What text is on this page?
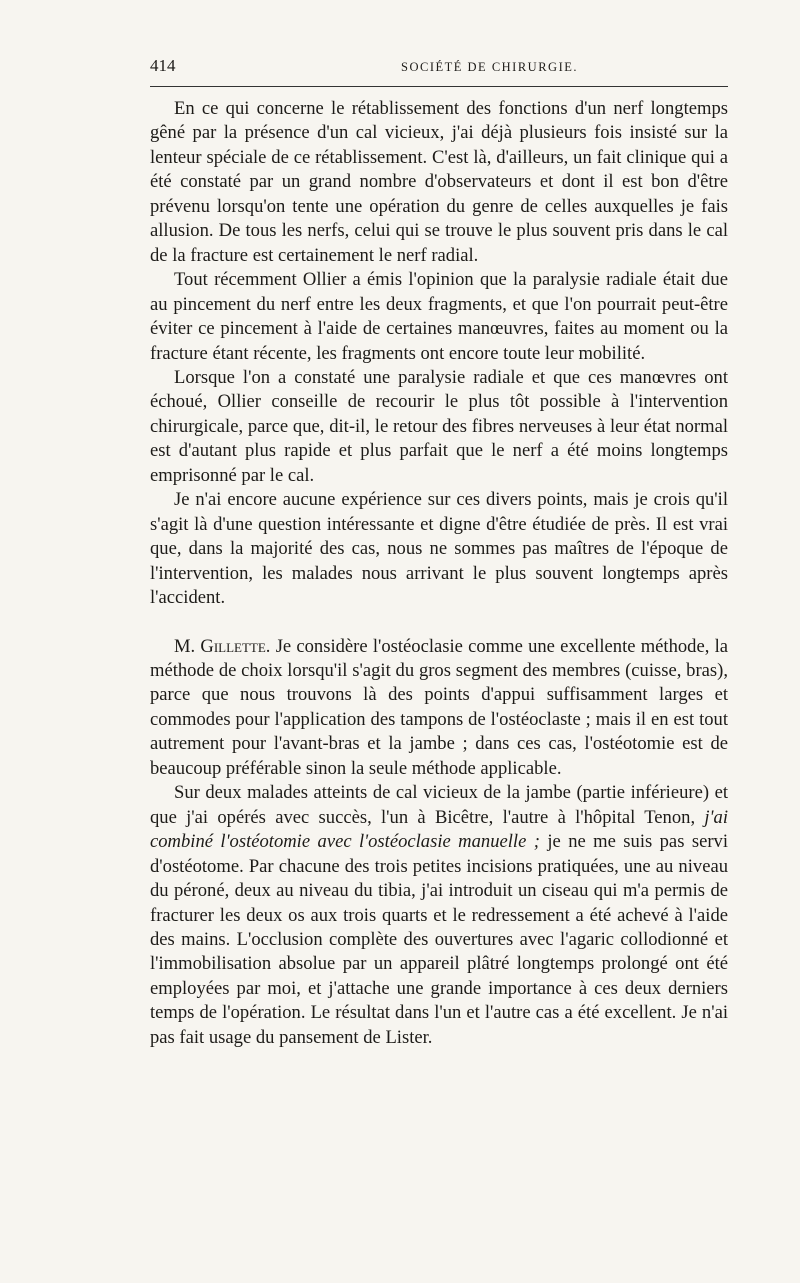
414	SOCIÉTÉ DE CHIRURGIE.

En ce qui concerne le rétablissement des fonctions d'un nerf longtemps gêné par la présence d'un cal vicieux, j'ai déjà plusieurs fois insisté sur la lenteur spéciale de ce rétablissement. C'est là, d'ailleurs, un fait clinique qui a été constaté par un grand nombre d'observateurs et dont il est bon d'être prévenu lorsqu'on tente une opération du genre de celles auxquelles je fais allusion. De tous les nerfs, celui qui se trouve le plus souvent pris dans le cal de la fracture est certainement le nerf radial.

Tout récemment Ollier a émis l'opinion que la paralysie radiale était due au pincement du nerf entre les deux fragments, et que l'on pourrait peut-être éviter ce pincement à l'aide de certaines manœuvres, faites au moment ou la fracture étant récente, les fragments ont encore toute leur mobilité.

Lorsque l'on a constaté une paralysie radiale et que ces manœvres ont échoué, Ollier conseille de recourir le plus tôt possible à l'intervention chirurgicale, parce que, dit-il, le retour des fibres nerveuses à leur état normal est d'autant plus rapide et plus parfait que le nerf a été moins longtemps emprisonné par le cal.

Je n'ai encore aucune expérience sur ces divers points, mais je crois qu'il s'agit là d'une question intéressante et digne d'être étudiée de près. Il est vrai que, dans la majorité des cas, nous ne sommes pas maîtres de l'époque de l'intervention, les malades nous arrivant le plus souvent longtemps après l'accident.

M. Gillette. Je considère l'ostéoclasie comme une excellente méthode, la méthode de choix lorsqu'il s'agit du gros segment des membres (cuisse, bras), parce que nous trouvons là des points d'appui suffisamment larges et commodes pour l'application des tampons de l'ostéoclaste ; mais il en est tout autrement pour l'avant-bras et la jambe ; dans ces cas, l'ostéotomie est de beaucoup préférable sinon la seule méthode applicable.

Sur deux malades atteints de cal vicieux de la jambe (partie inférieure) et que j'ai opérés avec succès, l'un à Bicêtre, l'autre à l'hôpital Tenon, j'ai combiné l'ostéotomie avec l'ostéoclasie manuelle ; je ne me suis pas servi d'ostéotome. Par chacune des trois petites incisions pratiquées, une au niveau du péroné, deux au niveau du tibia, j'ai introduit un ciseau qui m'a permis de fracturer les deux os aux trois quarts et le redressement a été achevé à l'aide des mains. L'occlusion complète des ouvertures avec l'agaric collodionné et l'immobilisation absolue par un appareil plâtré longtemps prolongé ont été employées par moi, et j'attache une grande importance à ces deux derniers temps de l'opération. Le résultat dans l'un et l'autre cas a été excellent. Je n'ai pas fait usage du pansement de Lister.
